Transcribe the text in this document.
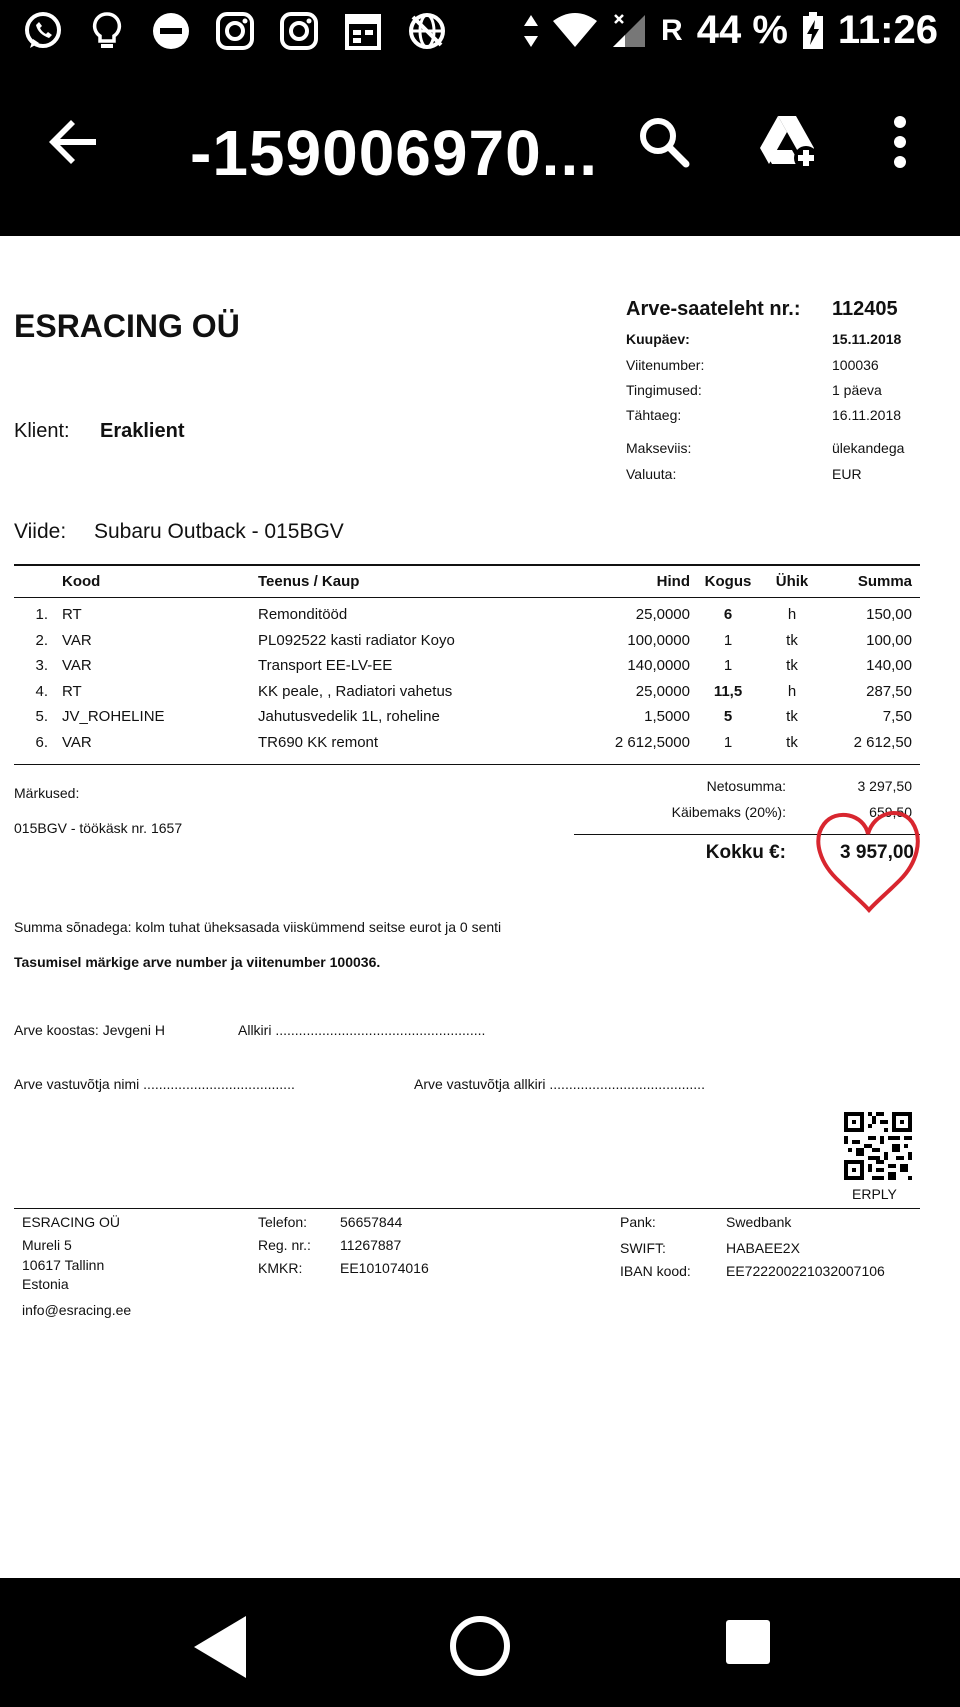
R 44 % 11:26
-159006970...
ESRACING OÜ	Arve-saateleht nr.: 112405
Kuupäev:	15.11.2018
Viitenumber:	100036
Tingimused:	1 päeva
Tähtaeg:	16.11.2018
Makseviis:	ülekandega
Valuuta:	EUR
Klient: Eraklient
Viide: Subaru Outback - 015BGV
Kood	Teenus / Kaup	Hind Kogus	Ühik	Summa
Märkused:
015BGV - töökäsk nr. 1657
Netosumma:	3 297,50
Käibemaks (20%):	659,50
Kokku €:	3 957,00
Summa sõnadega: kolm tuhat üheksasada viiskümmend seitse eurot ja 0 senti
Tasumisel märkige arve number ja viitenumber 100036.
Arve koostas: Jevgeni H	Allkiri ......................................................
Arve vastuvõtja nimi .......................................	Arve vastuvõtja allkiri ........................................
ERPLY
ESRACING OÜ
Mureli 5
10617 Tallinn
Estonia
info@esracing.ee
Telefon: 56657844
Reg. nr.: 11267887
KMKR:	EE101074016
Pank:	Swedbank
SWIFT:	HABAEE2X
IBAN kood:	EE722200221032007106
1. RT	Remonditööd	25,0000	6	h	150,00
2. VAR	PL092522 kasti radiator Koyo	100,0000	1	tk	100,00
3. VAR	Transport EE-LV-EE	140,0000	1	tk	140,00
4. RT	KK peale, , Radiatori vahetus	25,0000	11,5	h	287,50
5. JV_ROHELINE	Jahutusvedelik 1L, roheline	1,5000	5	tk	7,50
6. VAR	TR690 KK remont	2 612,5000	1	tk	2 612,50
